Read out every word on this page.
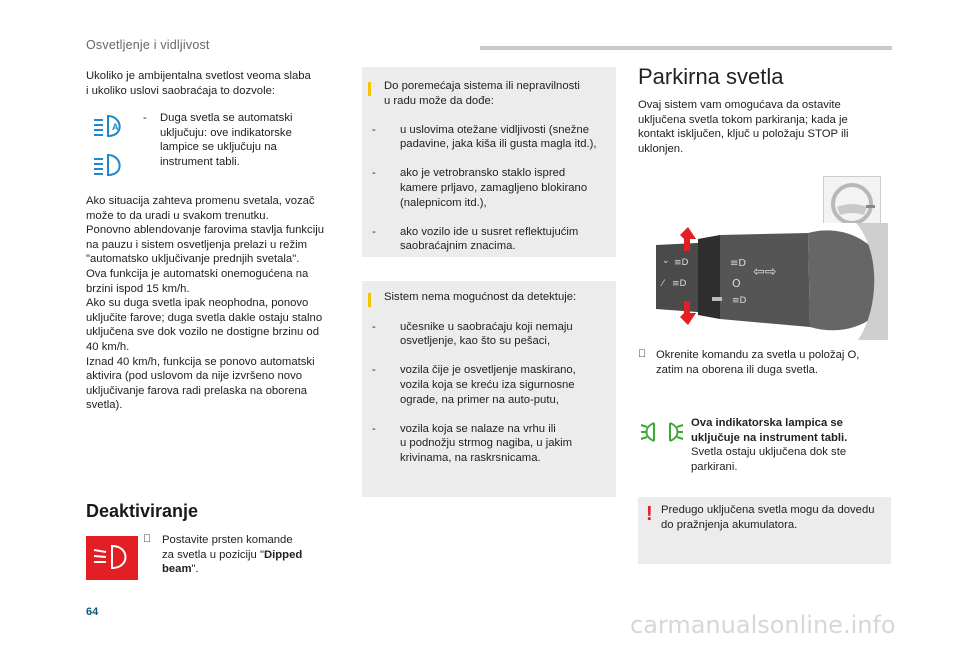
Osvetljenje i vidljivost
Ukoliko je ambijentalna svetlost veoma slaba
i ukoliko uslovi saobraćaja to dozvole:
A
- Duga svetla se automatski
uključuju: ove indikatorske
lampice se uključuju na
instrument tabli.
Ako situacija zahteva promenu svetala, vozač
može to da uradi u svakom trenutku.
Ponovno ablendovanje farovima stavlja funkciju
na pauzu i sistem osvetljenja prelazi u režim
"automatsko uključivanje prednjih svetala".
Ova funkcija je automatski onemogućena na
brzini ispod 15 km/h.
Ako su duga svetla ipak neophodna, ponovo
uključite farove; duga svetla dakle ostaju stalno
uključena sve dok vozilo ne dostigne brzinu od
40 km/h.
Iznad 40 km/h, funkcija se ponovo automatski
aktivira (pod uslovom da nije izvršeno novo
uključivanje farova radi prelaska na oborena
svetla).
Deaktiviranje
Postavite prsten komande
za svetla u poziciju "Dipped
beam".
Do poremećaja sistema ili nepravilnosti
u radu može da dođe:

- u uslovima otežane vidljivosti (snežne
padavine, jaka kiša ili gusta magla itd.),

- ako je vetrobransko staklo ispred
kamere prljavo, zamagljeno blokirano
(nalepnicom itd.),

- ako vozilo ide u susret reflektujućim
saobraćajnim znacima.

Sistem nema mogućnost da detektuje:

- učesnike u saobraćaju koji nemaju
osvetljenje, kao što su pešaci,

- vozila čije je osvetljenje maskirano,
vozila koja se kreću iza sigurnosne
ograde, na primer na auto-putu,

- vozila koja se nalaze na vrhu ili
u podnožju strmog nagiba, u jakim
krivinama, na raskrsnicama.

Parkirna svetla
Ovaj sistem vam omogućava da ostavite
uključena svetla tokom parkiranja; kada je
kontakt isključen, ključ u položaju STOP ili
uklonjen.
⌄ ≡D
⁄ ≡D
≡D
O
≡D
⇦⇨
Okrenite komandu za svetla u položaj O,
zatim na oborena ili duga svetla.
Ova indikatorska lampica se
uključuje na instrument tabli.
Svetla ostaju uključena dok ste
parkirani.
! Predugo uključena svetla mogu da dovedu
do pražnjenja akumulatora.
64	carmanualsonline.info
